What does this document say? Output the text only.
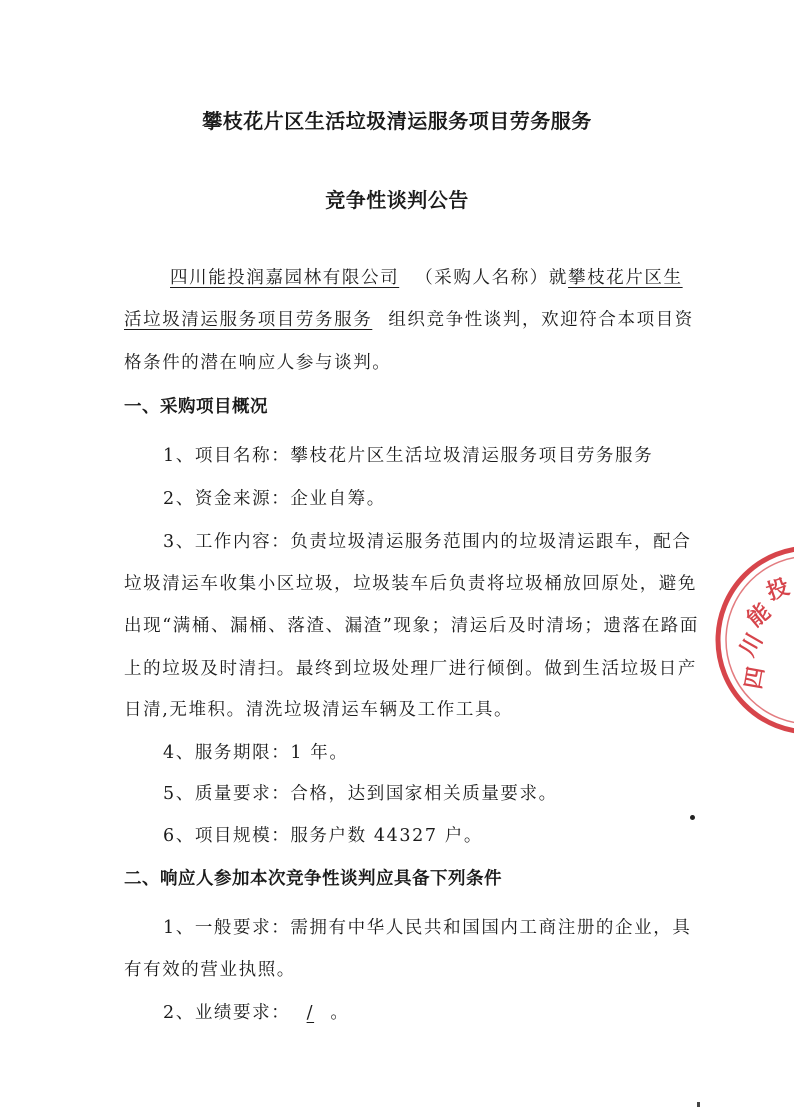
攀枝花片区生活垃圾清运服务项目劳务服务
竞争性谈判公告
四川能投润嘉园林有限公司 （采购人名称）就攀枝花片区生
活垃圾清运服务项目劳务服务 组织竞争性谈判，欢迎符合本项目资
格条件的潜在响应人参与谈判。
一、采购项目概况
1、项目名称：攀枝花片区生活垃圾清运服务项目劳务服务
2、资金来源：企业自筹。
3、工作内容：负责垃圾清运服务范围内的垃圾清运跟车，配合
垃圾清运车收集小区垃圾，垃圾装车后负责将垃圾桶放回原处，避免
出现“满桶、漏桶、落渣、漏渣”现象；清运后及时清场；遗落在路面
上的垃圾及时清扫。最终到垃圾处理厂进行倾倒。做到生活垃圾日产
日清,无堆积。清洗垃圾清运车辆及工作工具。
4、服务期限：1 年。
5、质量要求：合格，达到国家相关质量要求。
6、项目规模：服务户数 44327 户。
二、响应人参加本次竞争性谈判应具备下列条件
1、一般要求：需拥有中华人民共和国国内工商注册的企业，具
有有效的营业执照。
2、业绩要求： / 。
四
川
能
投
